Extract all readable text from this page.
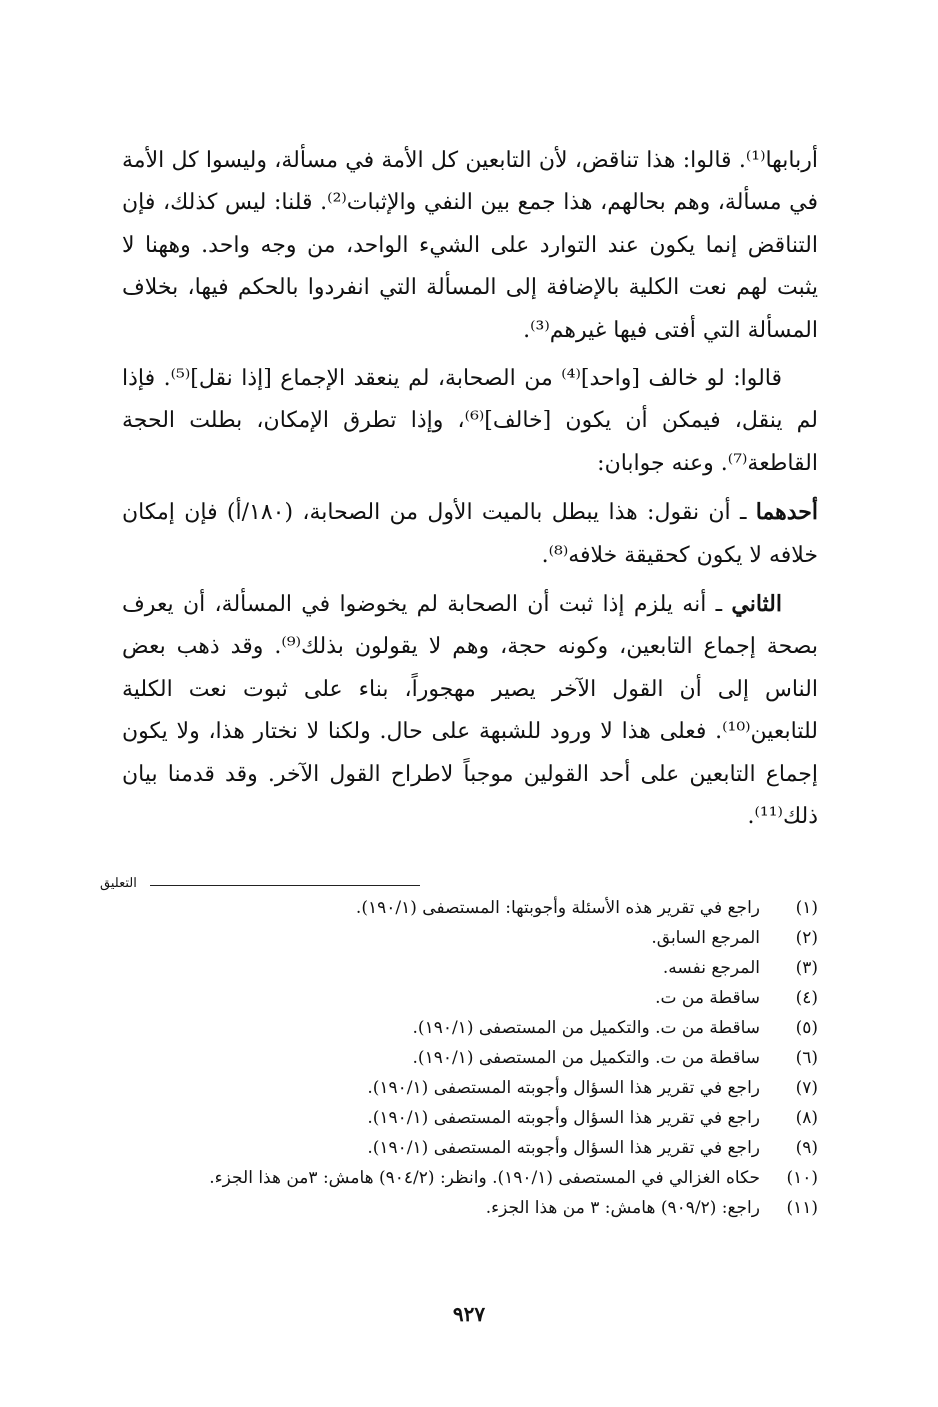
أربابها⁽¹⁾. قالوا: هذا تناقض، لأن التابعين كل الأمة في مسألة، وليسوا كل الأمة في مسألة، وهم بحالهم، هذا جمع بين النفي والإثبات⁽²⁾. قلنا: ليس كذلك، فإن التناقض إنما يكون عند التوارد على الشيء الواحد، من وجه واحد. وههنا لا يثبت لهم نعت الكلية بالإضافة إلى المسألة التي انفردوا بالحكم فيها، بخلاف المسألة التي أفتى فيها غيرهم⁽³⁾.

قالوا: لو خالف [واحد]⁽⁴⁾ من الصحابة، لم ينعقد الإجماع [إذا نقل]⁽⁵⁾. فإذا لم ينقل، فيمكن أن يكون [خالف]⁽⁶⁾، وإذا تطرق الإمكان، بطلت الحجة القاطعة⁽⁷⁾. وعنه جوابان:

أحدهما ـ أن نقول: هذا يبطل بالميت الأول من الصحابة، (١٨٠/أ) فإن إمكان خلافه لا يكون كحقيقة خلافه⁽⁸⁾.

الثاني ـ أنه يلزم إذا ثبت أن الصحابة لم يخوضوا في المسألة، أن يعرف بصحة إجماع التابعين، وكونه حجة، وهم لا يقولون بذلك⁽⁹⁾. وقد ذهب بعض الناس إلى أن القول الآخر يصير مهجوراً، بناء على ثبوت نعت الكلية للتابعين⁽¹⁰⁾. فعلى هذا لا ورود للشبهة على حال. ولكنا لا نختار هذا، ولا يكون إجماع التابعين على أحد القولين موجباً لاطراح القول الآخر. وقد قدمنا بيان ذلك⁽¹¹⁾.

التعليق
(١)
راجع في تقرير هذه الأسئلة وأجوبتها: المستصفى (١٩٠/١).
(٢)
المرجع السابق.
(٣)
المرجع نفسه.
(٤)
ساقطة من ت.
(٥)
ساقطة من ت. والتكميل من المستصفى (١٩٠/١).
(٦)
ساقطة من ت. والتكميل من المستصفى (١٩٠/١).
(٧)
راجع في تقرير هذا السؤال وأجوبته المستصفى (١٩٠/١).
(٨)
راجع في تقرير هذا السؤال وأجوبته المستصفى (١٩٠/١).
(٩)
راجع في تقرير هذا السؤال وأجوبته المستصفى (١٩٠/١).
(١٠)
حكاه الغزالي في المستصفى (١٩٠/١). وانظر: (٩٠٤/٢) هامش: ٣من هذا الجزء.
(١١)
راجع: (٩٠٩/٢) هامش: ٣ من هذا الجزء.
٩٢٧
